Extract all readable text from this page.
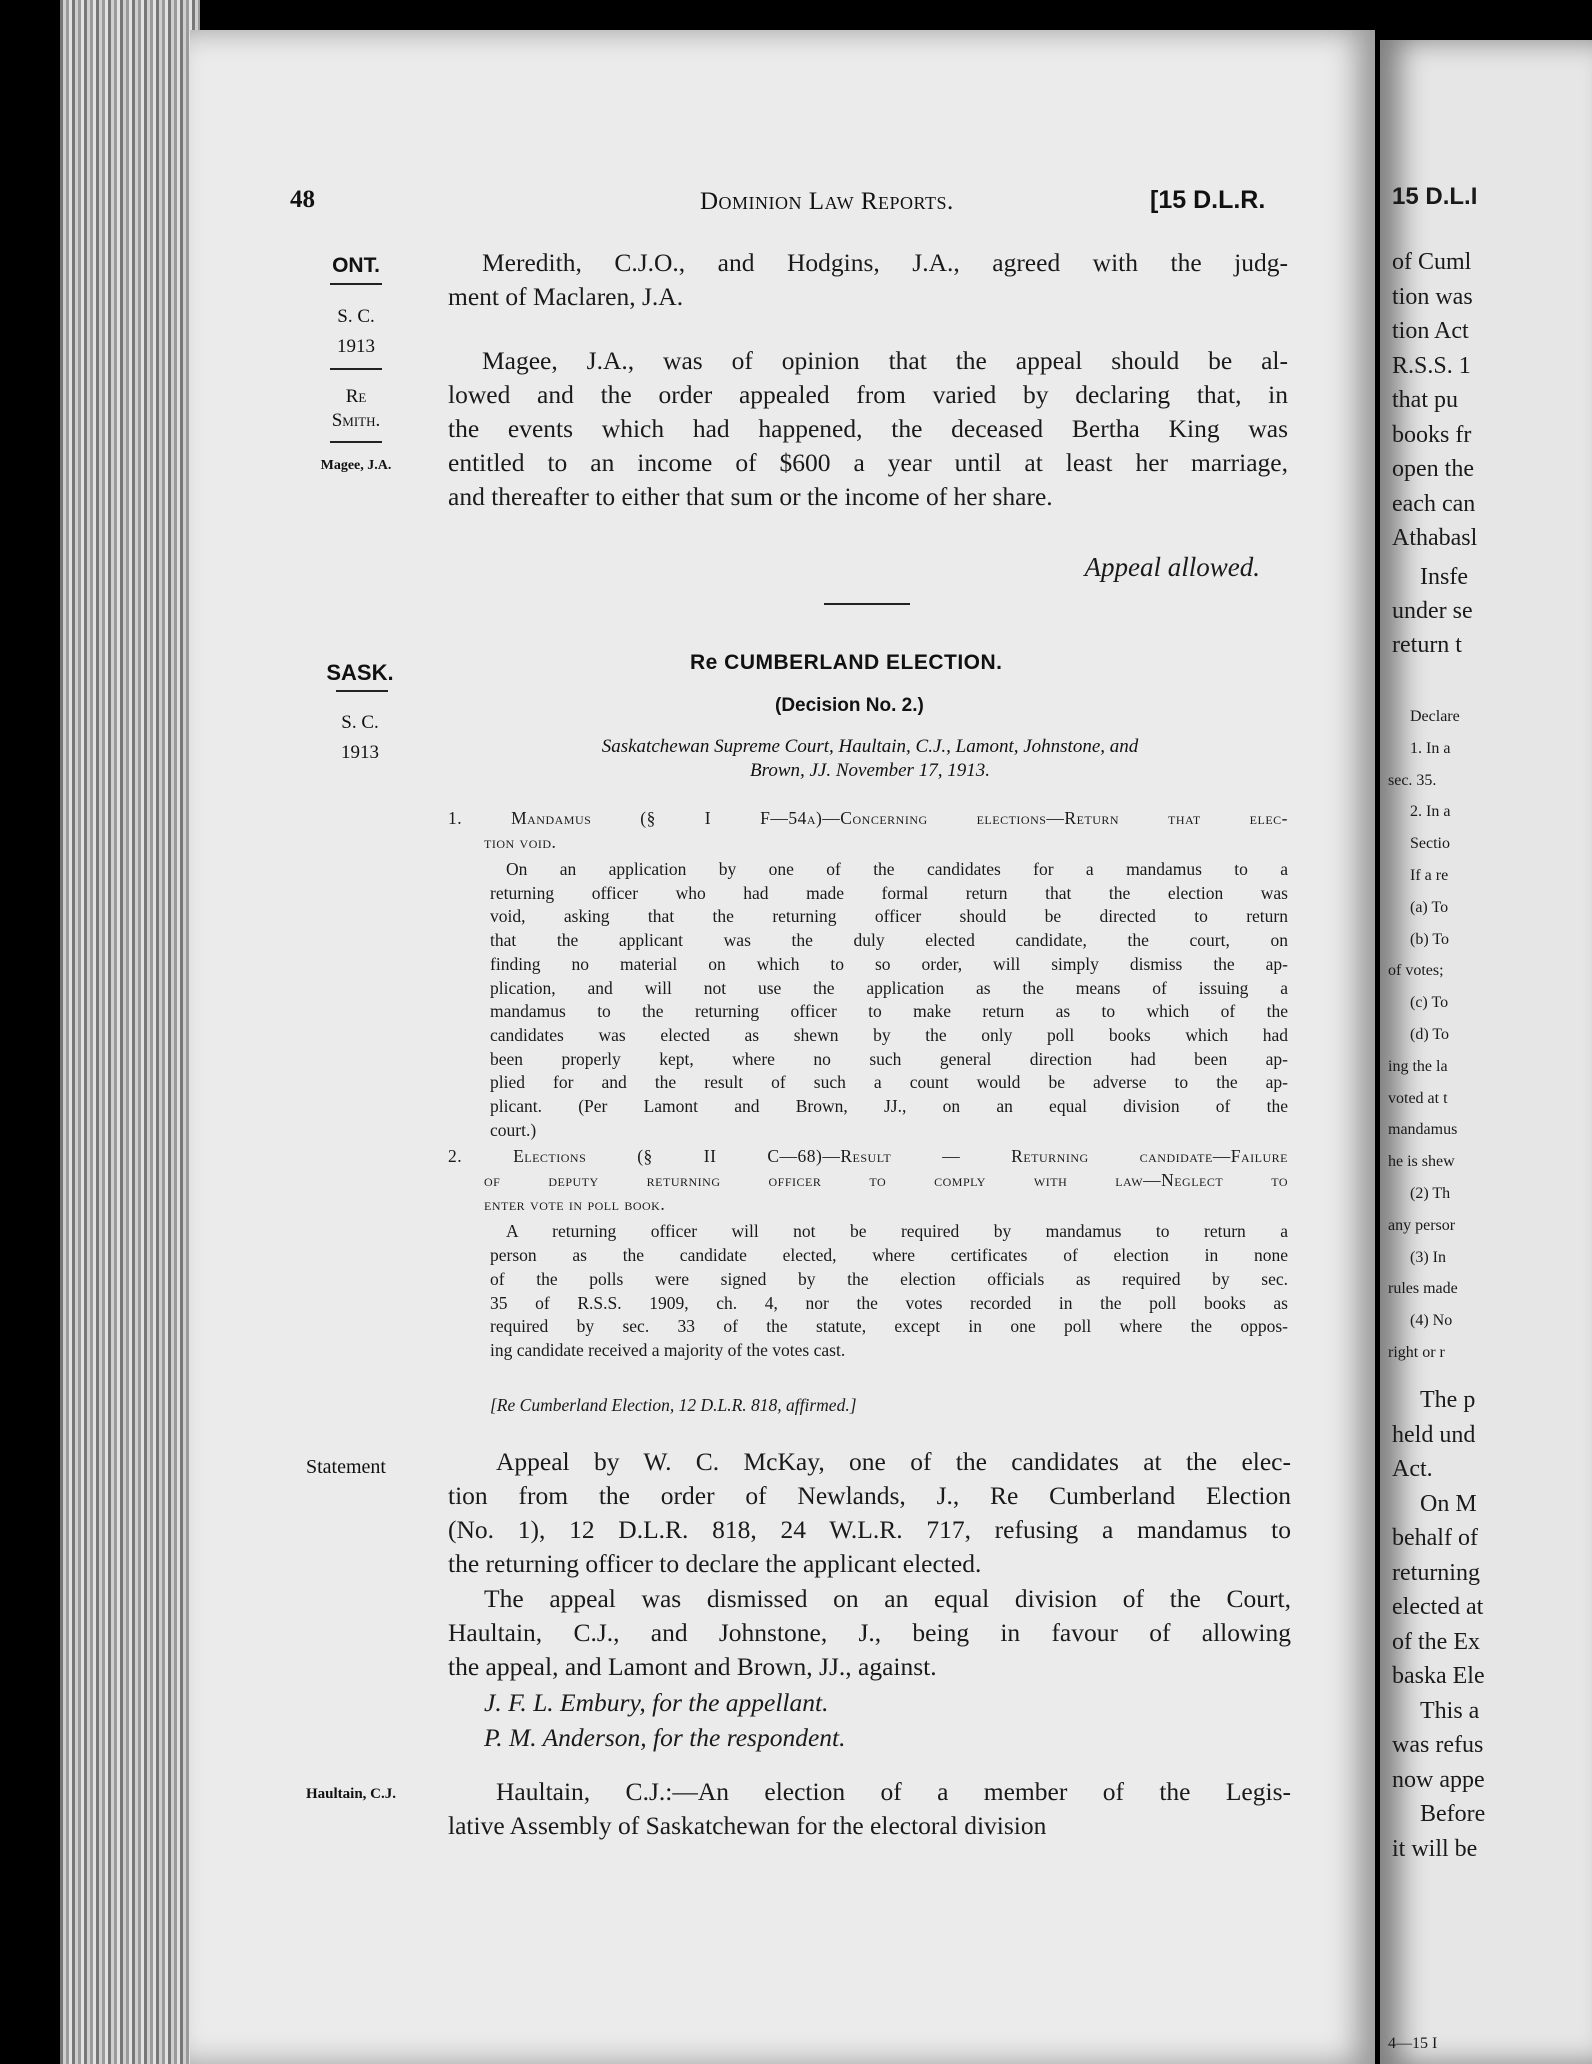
15 D.L.I
of Cuml
tion was
tion Act
R.S.S. 1
that pu
books fr
open the
each can
Athabasl
Insfe
under se
return t
Declare
1. In a
sec. 35.
2. In a
Sectio
If a re
(a) To
(b) To
of votes;
(c) To
(d) To
ing the la
voted at t
mandamus
he is shew
(2) Th
any persor
(3) In
rules made
(4) No
right or r
The p
held und
Act.
On M
behalf of
returning
elected at
of the Ex
baska Ele
This a
was refus
now appe
Before
it will be
4—15 I
48	Dominion Law Reports.	[15 D.L.R.
ONT.
S. C.
1913
Re
Smith.
Magee, J.A.
Meredith, C.J.O., and Hodgins, J.A., agreed with the judg-
ment of Maclaren, J.A.
Magee, J.A., was of opinion that the appeal should be al-
lowed and the order appealed from varied by declaring that, in
the events which had happened, the deceased Bertha King was
entitled to an income of $600 a year until at least her marriage,
and thereafter to either that sum or the income of her share.
Appeal allowed.
SASK.
S. C.
1913
Re CUMBERLAND ELECTION.
(Decision No. 2.)
Saskatchewan Supreme Court, Haultain, C.J., Lamont, Johnstone, and
Brown, JJ. November 17, 1913.
1. Mandamus (§ I F—54a)—Concerning elections—Return that elec-
tion void.
On an application by one of the candidates for a mandamus to a
returning officer who had made formal return that the election was
void, asking that the returning officer should be directed to return
that the applicant was the duly elected candidate, the court, on
finding no material on which to so order, will simply dismiss the ap-
plication, and will not use the application as the means of issuing a
mandamus to the returning officer to make return as to which of the
candidates was elected as shewn by the only poll books which had
been properly kept, where no such general direction had been ap-
plied for and the result of such a count would be adverse to the ap-
plicant. (Per Lamont and Brown, JJ., on an equal division of the
court.)
2. Elections (§ II C—68)—Result — Returning candidate—Failure
of deputy returning officer to comply with law—Neglect to
enter vote in poll book.
A returning officer will not be required by mandamus to return a
person as the candidate elected, where certificates of election in none
of the polls were signed by the election officials as required by sec.
35 of R.S.S. 1909, ch. 4, nor the votes recorded in the poll books as
required by sec. 33 of the statute, except in one poll where the oppos-
ing candidate received a majority of the votes cast.
[Re Cumberland Election, 12 D.L.R. 818, affirmed.]
Statement	Appeal by W. C. McKay, one of the candidates at the elec-
tion from the order of Newlands, J., Re Cumberland Election
(No. 1), 12 D.L.R. 818, 24 W.L.R. 717, refusing a mandamus to
the returning officer to declare the applicant elected.
The appeal was dismissed on an equal division of the Court,
Haultain, C.J., and Johnstone, J., being in favour of allowing
the appeal, and Lamont and Brown, JJ., against.
J. F. L. Embury, for the appellant.
P. M. Anderson, for the respondent.
Haultain, C.J.	Haultain, C.J.:—An election of a member of the Legis-
lative Assembly of Saskatchewan for the electoral division
